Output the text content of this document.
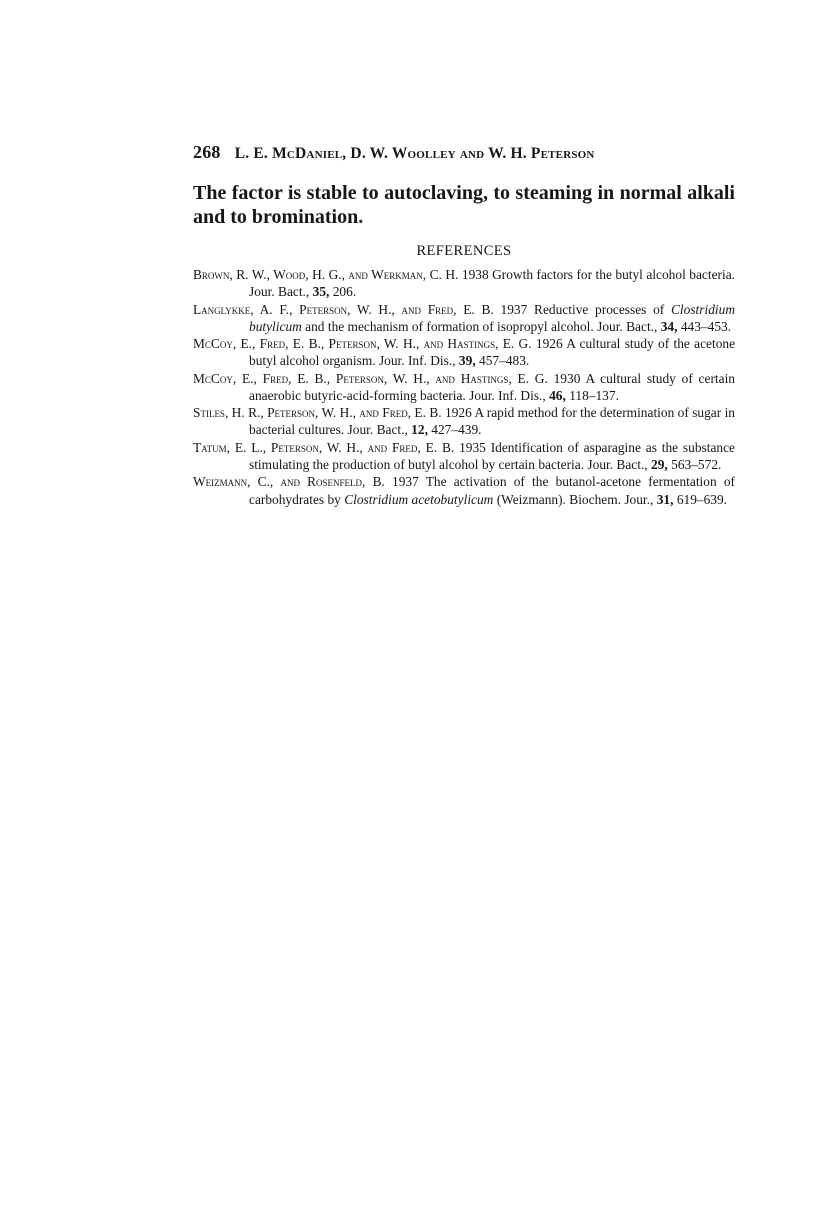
268 L. E. McDaniel, D. W. Woolley and W. H. Peterson

The factor is stable to autoclaving, to steaming in normal alkali and to bromination.

REFERENCES
Brown, R. W., Wood, H. G., and Werkman, C. H. 1938 Growth factors for the butyl alcohol bacteria. Jour. Bact., 35, 206.
Langlykke, A. F., Peterson, W. H., and Fred, E. B. 1937 Reductive processes of Clostridium butylicum and the mechanism of formation of isopropyl alcohol. Jour. Bact., 34, 443–453.
McCoy, E., Fred, E. B., Peterson, W. H., and Hastings, E. G. 1926 A cultural study of the acetone butyl alcohol organism. Jour. Inf. Dis., 39, 457–483.
McCoy, E., Fred, E. B., Peterson, W. H., and Hastings, E. G. 1930 A cultural study of certain anaerobic butyric-acid-forming bacteria. Jour. Inf. Dis., 46, 118–137.
Stiles, H. R., Peterson, W. H., and Fred, E. B. 1926 A rapid method for the determination of sugar in bacterial cultures. Jour. Bact., 12, 427–439.
Tatum, E. L., Peterson, W. H., and Fred, E. B. 1935 Identification of asparagine as the substance stimulating the production of butyl alcohol by certain bacteria. Jour. Bact., 29, 563–572.
Weizmann, C., and Rosenfeld, B. 1937 The activation of the butanol-acetone fermentation of carbohydrates by Clostridium acetobutylicum (Weizmann). Biochem. Jour., 31, 619–639.
